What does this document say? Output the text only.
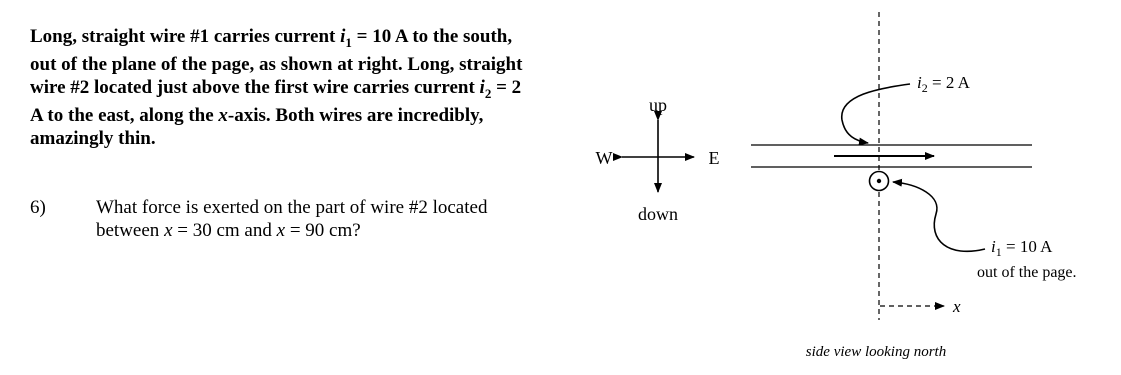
Long, straight wire #1 carries current $i_1 = 10$ A to the south, out of the plane of the page, as shown at right. Long, straight wire #2 located just above the first wire carries current $i_2 = 2$ A to the east, along the x-axis. Both wires are incredibly, amazingly thin.
6)	What force is exerted on the part of wire #2 located between x = 30 cm and x = 90 cm?
up
down
W	E
$i_2 = 2$ A
$i_1 = 10$ A
out of the page.
x
side view looking north
